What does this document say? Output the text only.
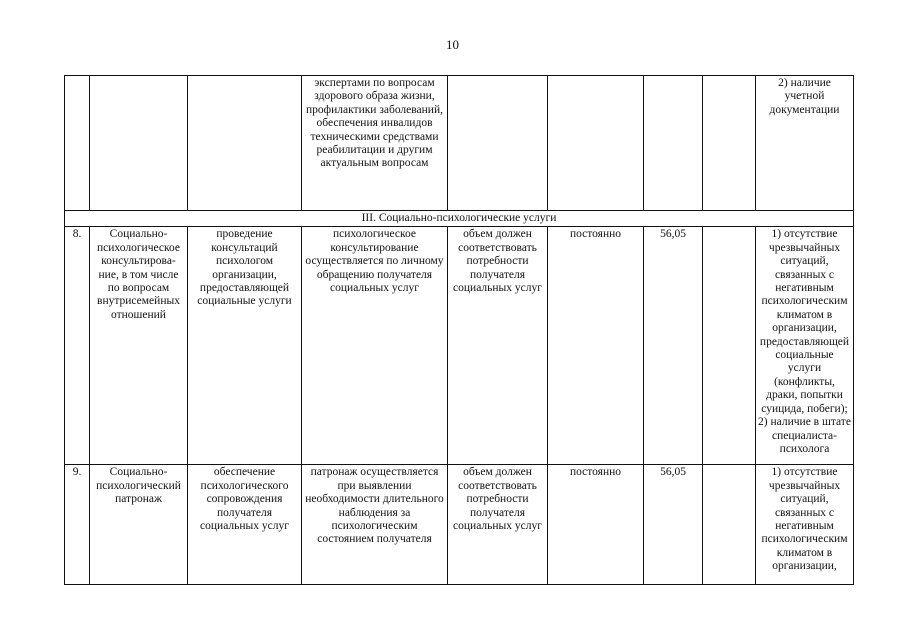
10
			экспертами по вопросам здорового образа жизни, профилактики заболеваний, обеспечения инвалидов техническими средствами реабилитации и другим актуальным вопросам					2) наличие учетной документации
III. Социально-психологические услуги								
8.	Социально-психологическое консультирова-ние, в том числе по вопросам внутрисемейных отношений	проведение консультаций психологом организации, предоставляющей социальные услуги	психологическое консультирование осуществляется по личному обращению получателя социальных услуг	объем должен соответствовать потребности получателя социальных услуг	постоянно	56,05		1) отсутствие чрезвычайных ситуаций, связанных с негативным психологическим климатом в организации, предоставляющей социальные услуги (конфликты, драки, попытки суицида, побеги); 2) наличие в штате специалиста-психолога
9.	Социально-психологический патронаж	обеспечение психологического сопровождения получателя социальных услуг	патронаж осуществляется при выявлении необходимости длительного наблюдения за психологическим состоянием получателя	объем должен соответствовать потребности получателя социальных услуг	постоянно	56,05		1) отсутствие чрезвычайных ситуаций, связанных с негативным психологическим климатом в организации,
